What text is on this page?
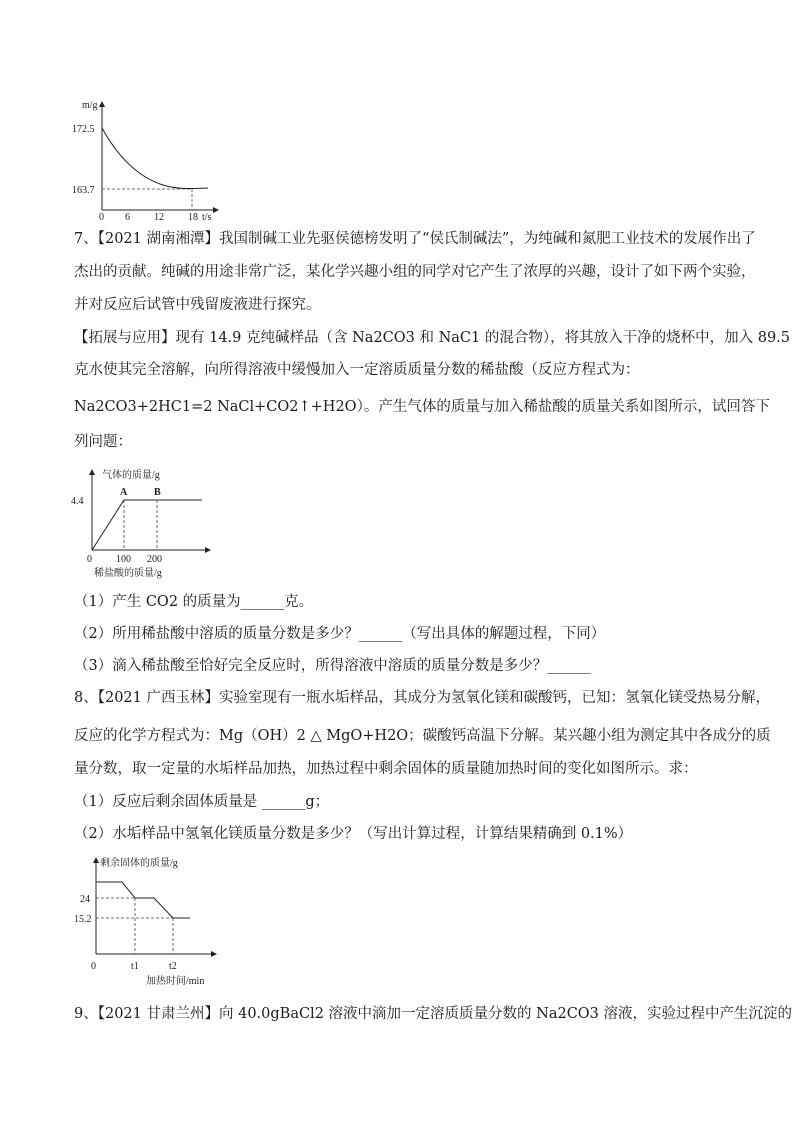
m/g
172.5
163.7
0 6 12 18 t/s
7、【2021 湖南湘潭】我国制碱工业先驱侯德榜发明了“侯氏制碱法”，为纯碱和氮肥工业技术的发展作出了
杰出的贡献。纯碱的用途非常广泛，某化学兴趣小组的同学对它产生了浓厚的兴趣，设计了如下两个实验，
并对反应后试管中残留废液进行探究。
【拓展与应用】现有 14.9 克纯碱样品（含 Na2CO3 和 NaC1 的混合物），将其放入干净的烧杯中，加入 89.5
克水使其完全溶解，向所得溶液中缓慢加入一定溶质质量分数的稀盐酸（反应方程式为：
Na2CO3+2HC1=2 NaCl+CO2↑+H2O）。产生气体的质量与加入稀盐酸的质量关系如图所示，试回答下
列问题：
气体的质量/g
4.4
A	B
0 100 200
稀盐酸的质量/g
（1）产生 CO2 的质量为______克。
（2）所用稀盐酸中溶质的质量分数是多少？______（写出具体的解题过程，下同）
（3）滴入稀盐酸至恰好完全反应时，所得溶液中溶质的质量分数是多少？______
8、【2021 广西玉林】实验室现有一瓶水垢样品，其成分为氢氧化镁和碳酸钙，已知：氢氧化镁受热易分解，
反应的化学方程式为：Mg（OH）2 △ MgO+H2O；碳酸钙高温下分解。某兴趣小组为测定其中各成分的质
量分数，取一定量的水垢样品加热，加热过程中剩余固体的质量随加热时间的变化如图所示。求：
（1）反应后剩余固体质量是 ______g；
（2）水垢样品中氢氧化镁质量分数是多少？（写出计算过程，计算结果精确到 0.1%）
剩余固体的质量/g
24
15.2
0	t1	t2
加热时间/min
9、【2021 甘肃兰州】向 40.0gBaCl2 溶液中滴加一定溶质质量分数的 Na2CO3 溶液，实验过程中产生沉淀的
